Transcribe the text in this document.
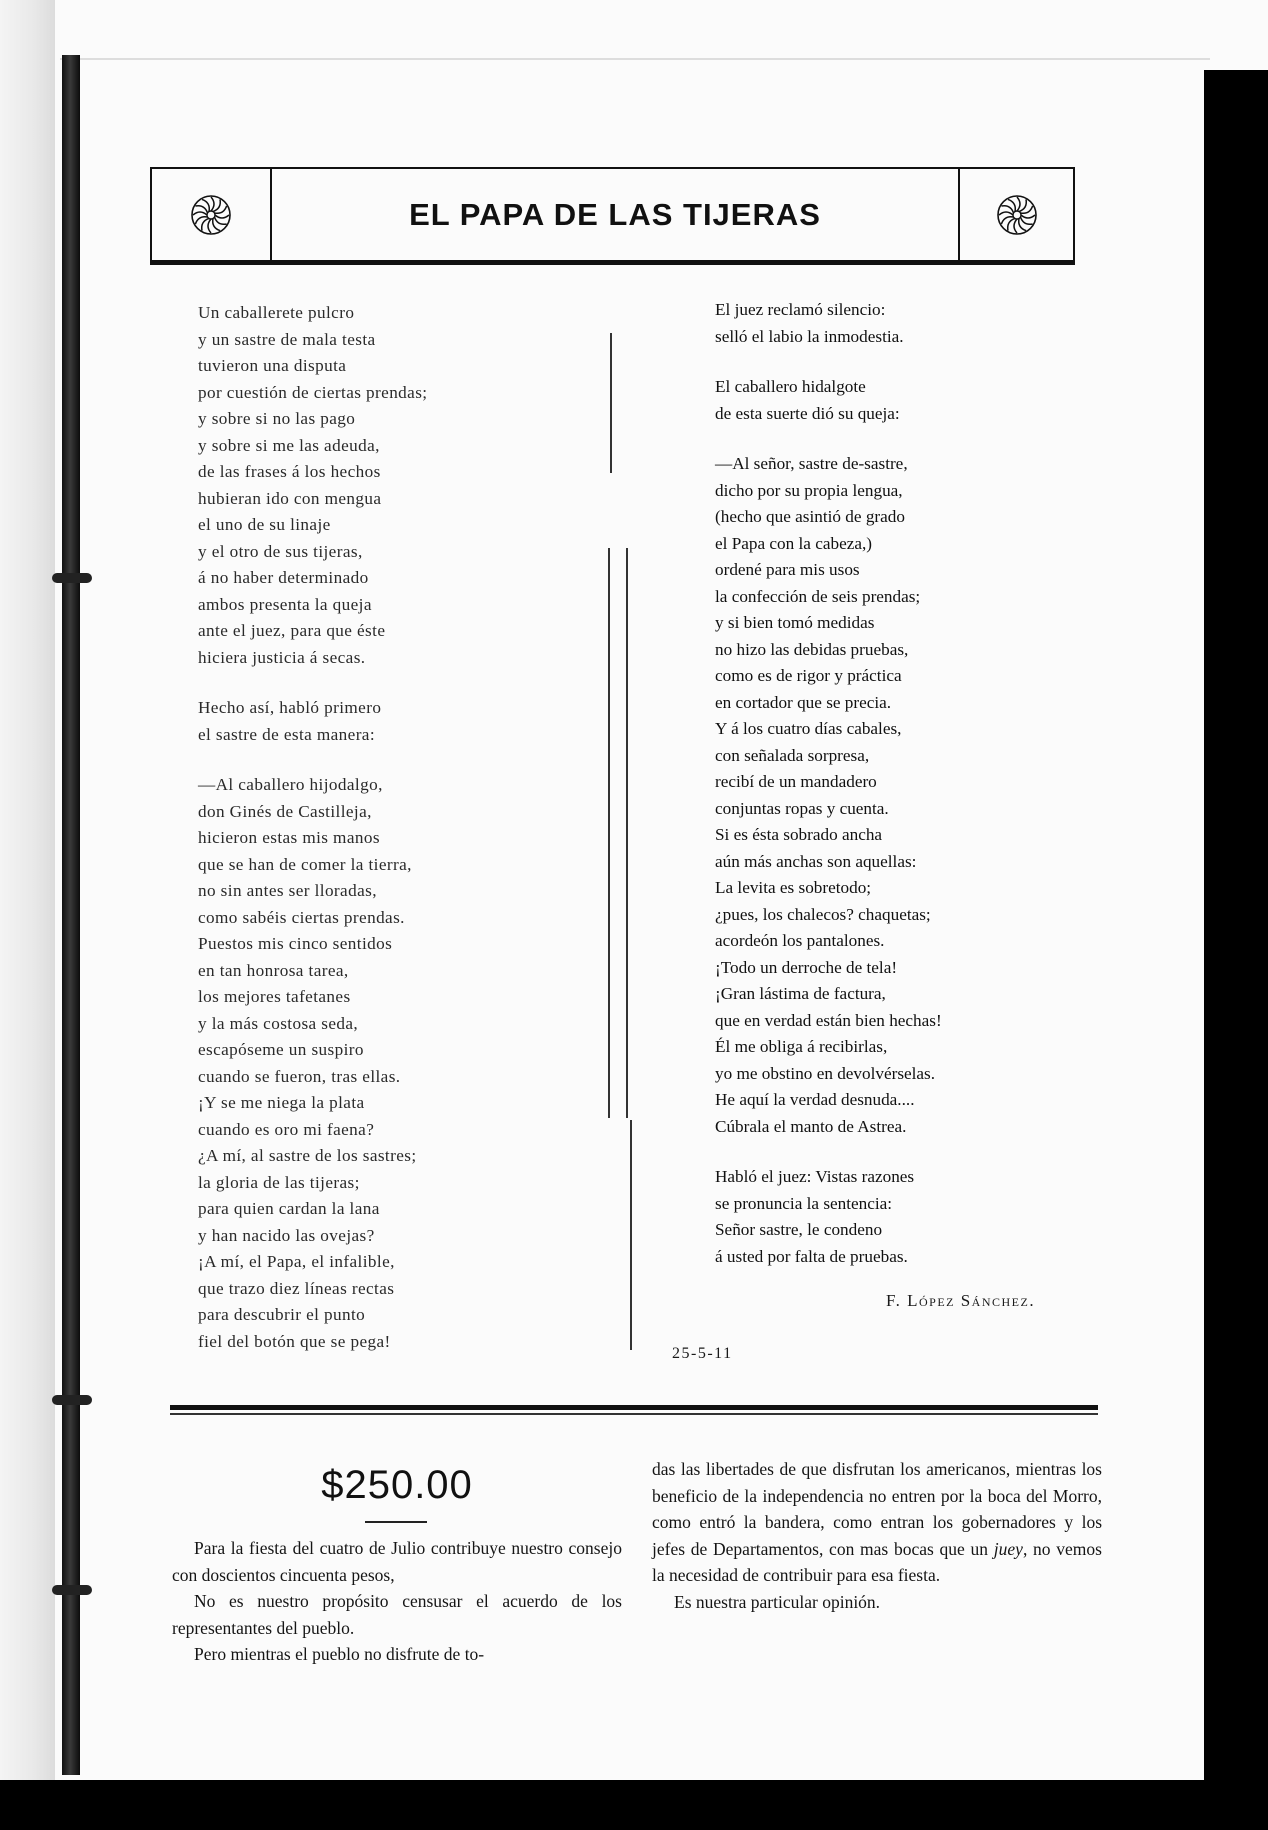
EL PAPA DE LAS TIJERAS
Un caballerete pulcro
y un sastre de mala testa
tuvieron una disputa
por cuestión de ciertas prendas;
y sobre si no las pago
y sobre si me las adeuda,
de las frases á los hechos
hubieran ido con mengua
el uno de su linaje
y el otro de sus tijeras,
á no haber determinado
ambos presenta la queja
ante el juez, para que éste
hiciera justicia á secas.
Hecho así, habló primero
el sastre de esta manera:
—Al caballero hijodalgo,
don Ginés de Castilleja,
hicieron estas mis manos
que se han de comer la tierra,
no sin antes ser lloradas,
como sabéis ciertas prendas.
Puestos mis cinco sentidos
en tan honrosa tarea,
los mejores tafetanes
y la más costosa seda,
escapóseme un suspiro
cuando se fueron, tras ellas.
¡Y se me niega la plata
cuando es oro mi faena?
¿A mí, al sastre de los sastres;
la gloria de las tijeras;
para quien cardan la lana
y han nacido las ovejas?
¡A mí, el Papa, el infalible,
que trazo diez líneas rectas
para descubrir el punto
fiel del botón que se pega!
El juez reclamó silencio:
selló el labio la inmodestia.
El caballero hidalgote
de esta suerte dió su queja:
—Al señor, sastre de-sastre,
dicho por su propia lengua,
(hecho que asintió de grado
el Papa con la cabeza,)
ordené para mis usos
la confección de seis prendas;
y si bien tomó medidas
no hizo las debidas pruebas,
como es de rigor y práctica
en cortador que se precia.
Y á los cuatro días cabales,
con señalada sorpresa,
recibí de un mandadero
conjuntas ropas y cuenta.
Si es ésta sobrado ancha
aún más anchas son aquellas:
La levita es sobretodo;
¿pues, los chalecos? chaquetas;
acordeón los pantalones.
¡Todo un derroche de tela!
¡Gran lástima de factura,
que en verdad están bien hechas!
Él me obliga á recibirlas,
yo me obstino en devolvérselas.
He aquí la verdad desnuda....
Cúbrala el manto de Astrea.
Habló el juez: Vistas razones
se pronuncia la sentencia:
Señor sastre, le condeno
á usted por falta de pruebas.
F. López Sánchez.
25-5-11
$250.00

Para la fiesta del cuatro de Julio contribuye nuestro consejo con doscientos cincuenta pesos,

No es nuestro propósito censusar el acuerdo de los representantes del pueblo.

Pero mientras el pueblo no disfrute de to-

das las libertades de que disfrutan los americanos, mientras los beneficio de la independencia no entren por la boca del Morro, como entró la bandera, como entran los gobernadores y los jefes de Departamentos, con mas bocas que un juey, no vemos la necesidad de contribuir para esa fiesta.

Es nuestra particular opinión.
